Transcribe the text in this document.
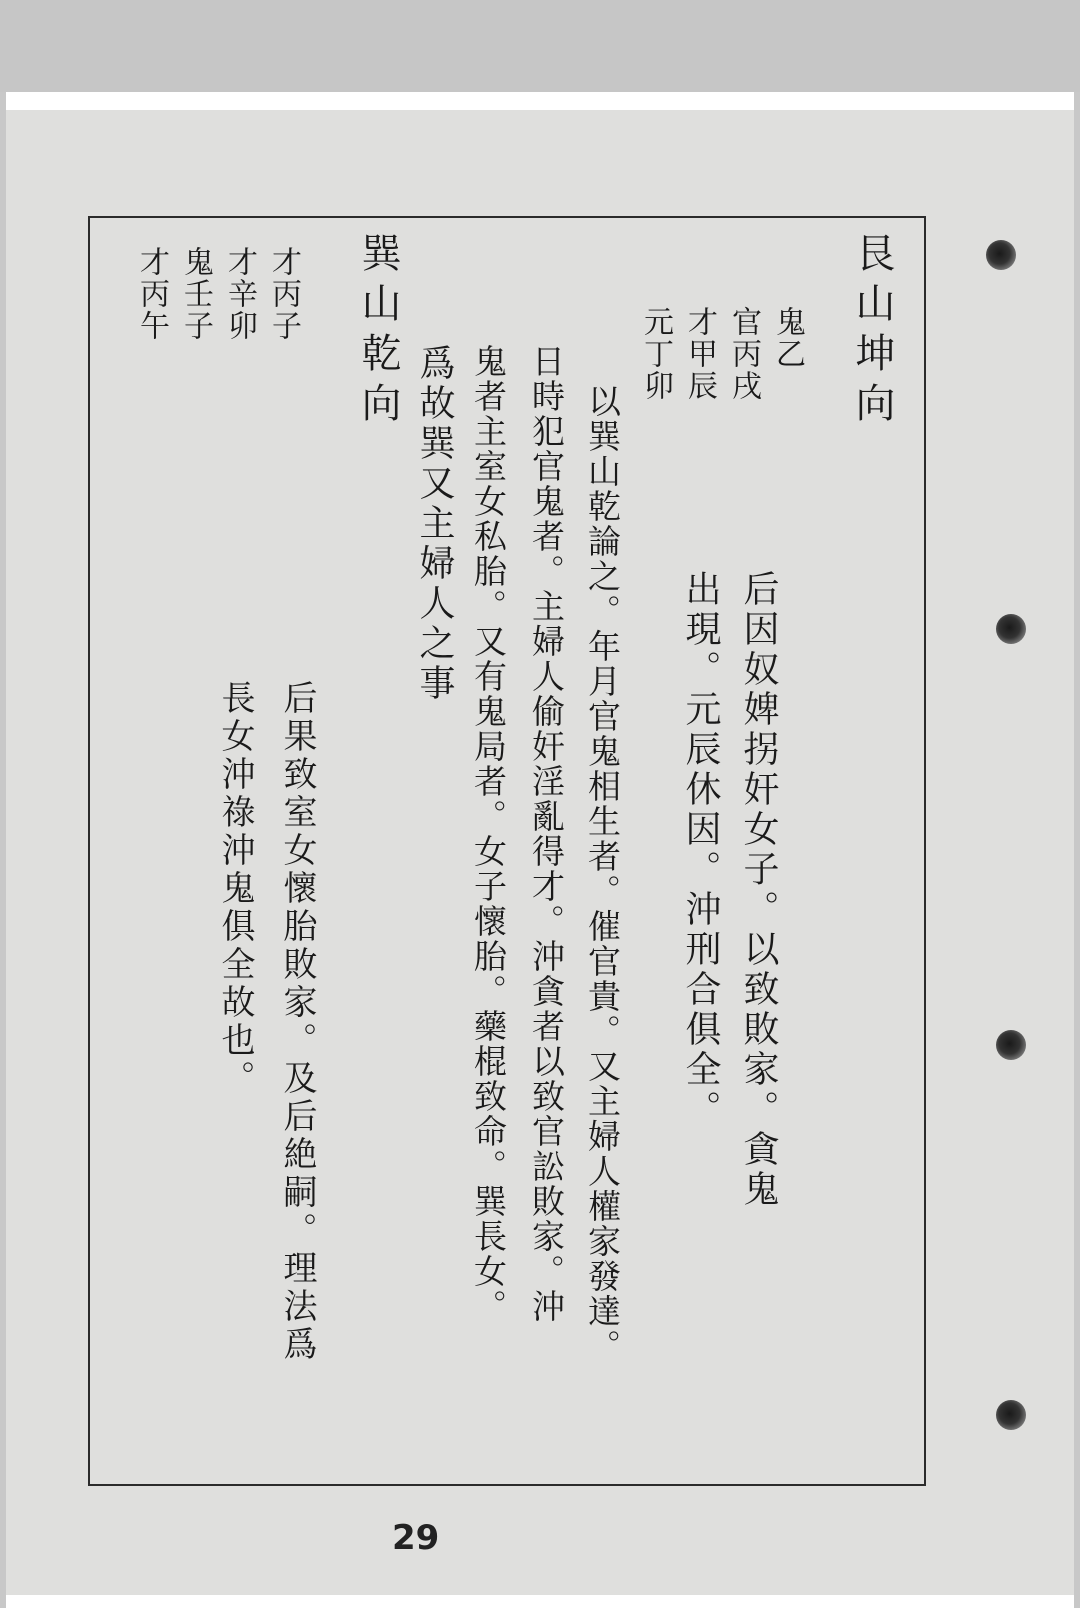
艮山坤向
鬼乙
官丙戌
才甲辰
元丁卯
后因奴婢拐奸女子。以致敗家。貪鬼
出現。元辰休因。沖刑合俱全。
以巽山乾論之。年月官鬼相生者。催官貴。又主婦人權家發達。
日時犯官鬼者。主婦人偷奸淫亂得才。沖貪者以致官訟敗家。沖
鬼者主室女私胎。又有鬼局者。女子懷胎。藥棍致命。巽長女。
爲故巽又主婦人之事
巽山乾向
才丙子
才辛卯
鬼壬子
才丙午
后果致室女懷胎敗家。及后絶嗣。理法爲
長女沖祿沖鬼俱全故也。
29
